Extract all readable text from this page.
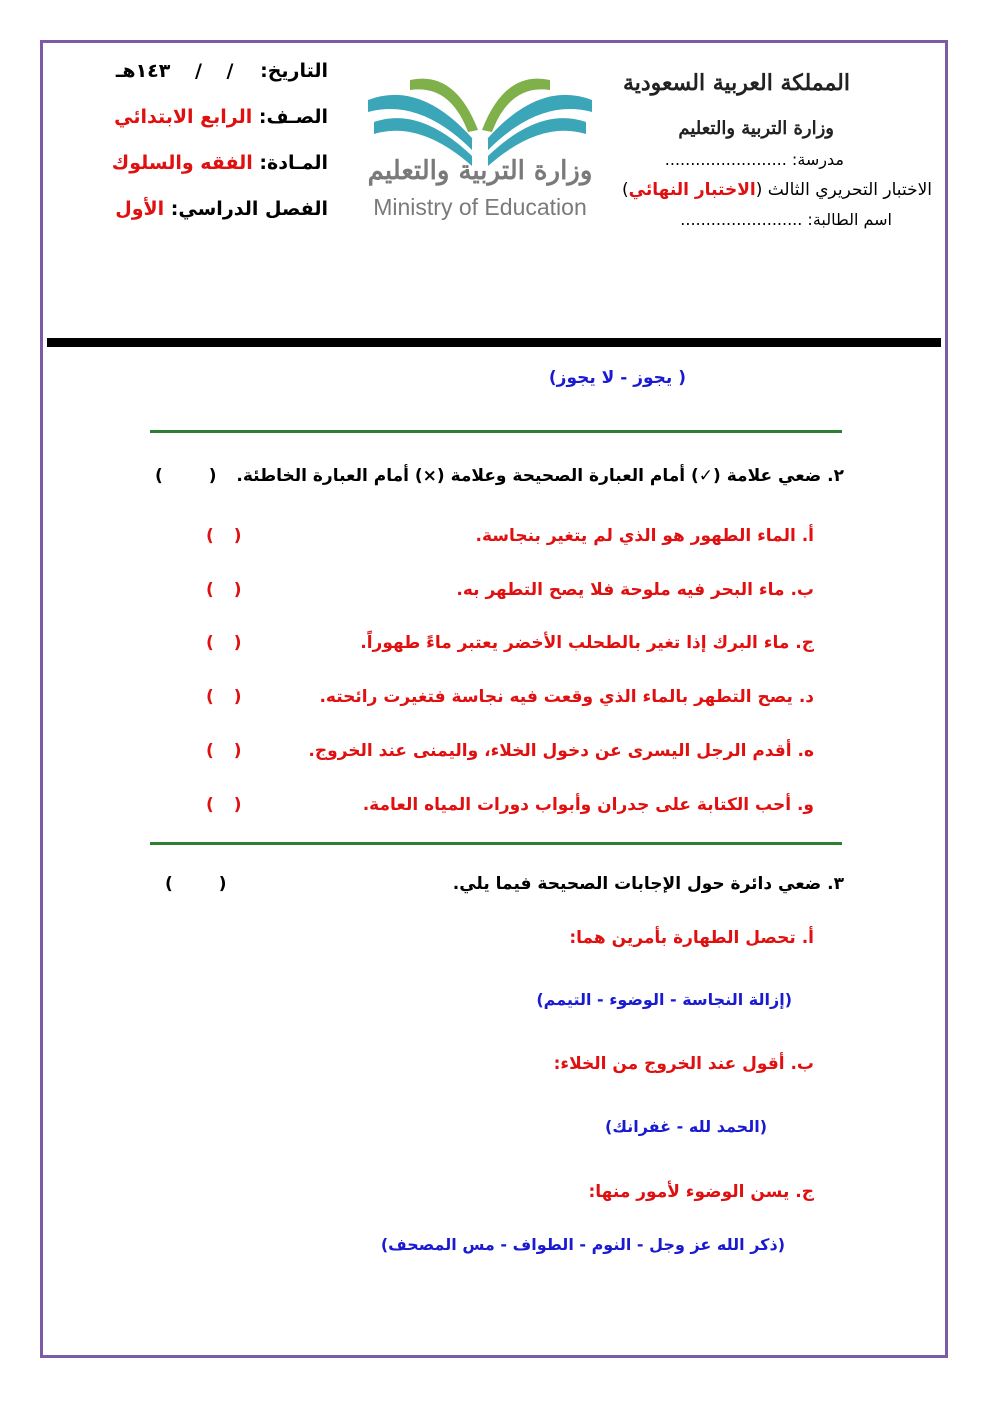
المملكة العربية السعودية
وزارة التربية والتعليم
مدرسة: ........................
الاختبار التحريري الثالث (الاختبار النهائي)
اسم الطالبة: ........................
وزارة التربية والتعليم
Ministry of Education
التاريخ: / / ١٤٣هـ
الصـف: الرابع الابتدائي
المـادة: الفقه والسلوك
الفصل الدراسي: الأول
( يجوز - لا يجوز)
٢. ضعي علامة (✓) أمام العبارة الصحيحة وعلامة (×) أمام العبارة الخاطئة.
( )
أ. الماء الطهور هو الذي لم يتغير بنجاسة.
( )
ب. ماء البحر فيه ملوحة فلا يصح التطهر به.
( )
ج. ماء البرك إذا تغير بالطحلب الأخضر يعتبر ماءً طهوراً.
( )
د. يصح التطهر بالماء الذي وقعت فيه نجاسة فتغيرت رائحته.
( )
ه. أقدم الرجل اليسرى عن دخول الخلاء، واليمنى عند الخروج.
( )
و. أحب الكتابة على جدران وأبواب دورات المياه العامة.
( )
٣. ضعي دائرة حول الإجابات الصحيحة فيما يلي.
( )
أ. تحصل الطهارة بأمرين هما:
(إزالة النجاسة - الوضوء - التيمم)
ب. أقول عند الخروج من الخلاء:
(الحمد لله - غفرانك)
ج. يسن الوضوء لأمور منها:
(ذكر الله عز وجل - النوم - الطواف - مس المصحف)
